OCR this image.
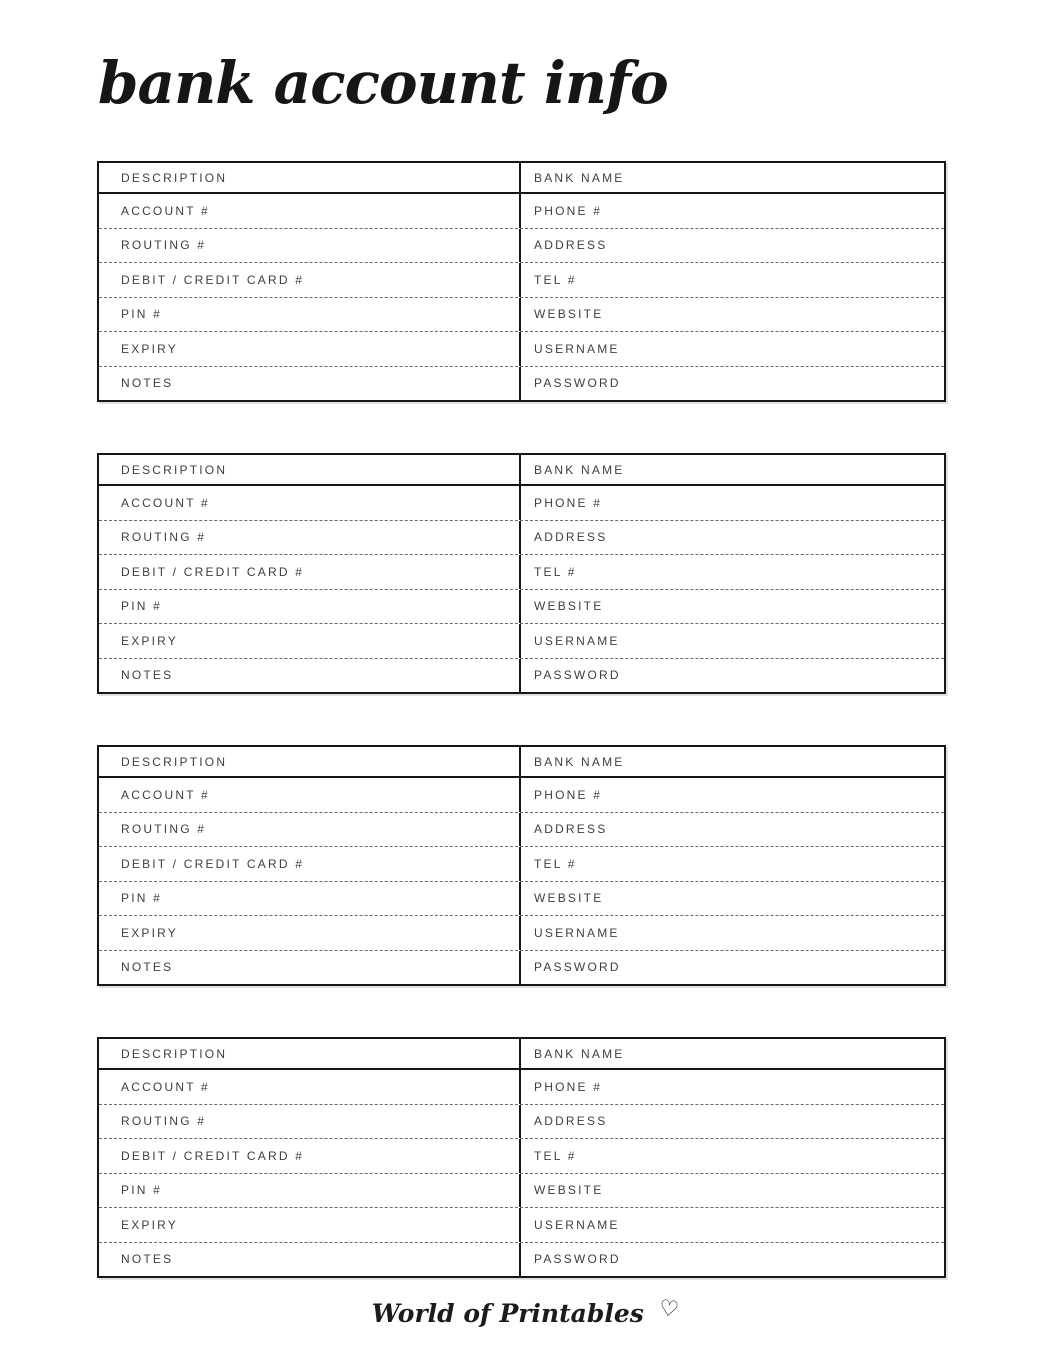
bank account info
DESCRIPTION	BANK NAME
ACCOUNT #	PHONE #
ROUTING #	ADDRESS
DEBIT / CREDIT CARD #	TEL #
PIN #	WEBSITE
EXPIRY	USERNAME
NOTES	PASSWORD
DESCRIPTION	BANK NAME
ACCOUNT #	PHONE #
ROUTING #	ADDRESS
DEBIT / CREDIT CARD #	TEL #
PIN #	WEBSITE
EXPIRY	USERNAME
NOTES	PASSWORD
DESCRIPTION	BANK NAME
ACCOUNT #	PHONE #
ROUTING #	ADDRESS
DEBIT / CREDIT CARD #	TEL #
PIN #	WEBSITE
EXPIRY	USERNAME
NOTES	PASSWORD
DESCRIPTION	BANK NAME
ACCOUNT #	PHONE #
ROUTING #	ADDRESS
DEBIT / CREDIT CARD #	TEL #
PIN #	WEBSITE
EXPIRY	USERNAME
NOTES	PASSWORD
World of Printables ♡
